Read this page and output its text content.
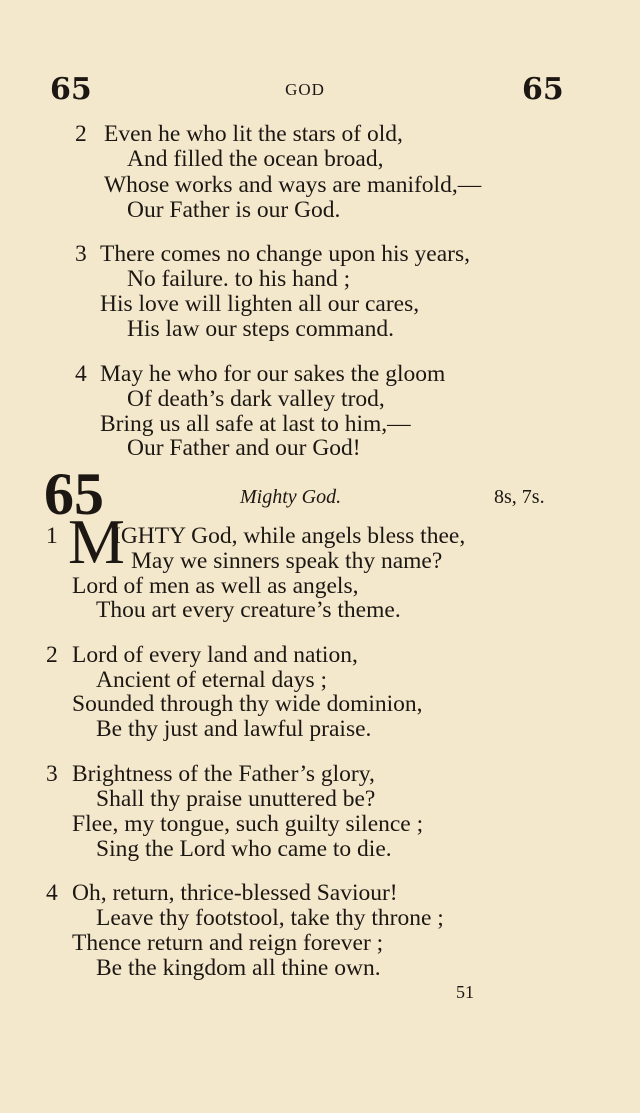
65	GOD	65
2 Even he who lit the stars of old,
And filled the ocean broad,
Whose works and ways are manifold,—
Our Father is our God.
3 There comes no change upon his years,
No failure. to his hand ;
His love will lighten all our cares,
His law our steps command.
4 May he who for our sakes the gloom
Of death’s dark valley trod,
Bring us all safe at last to him,—
Our Father and our God!
65	Mighty God.	8s, 7s.
1 M
IGHTY God, while angels bless thee,
May we sinners speak thy name?
Lord of men as well as angels,
Thou art every creature’s theme.
2 Lord of every land and nation,
Ancient of eternal days ;
Sounded through thy wide dominion,
Be thy just and lawful praise.
3 Brightness of the Father’s glory,
Shall thy praise unuttered be?
Flee, my tongue, such guilty silence ;
Sing the Lord who came to die.
4 Oh, return, thrice-blessed Saviour!
Leave thy footstool, take thy throne ;
Thence return and reign forever ;
Be the kingdom all thine own.
51
